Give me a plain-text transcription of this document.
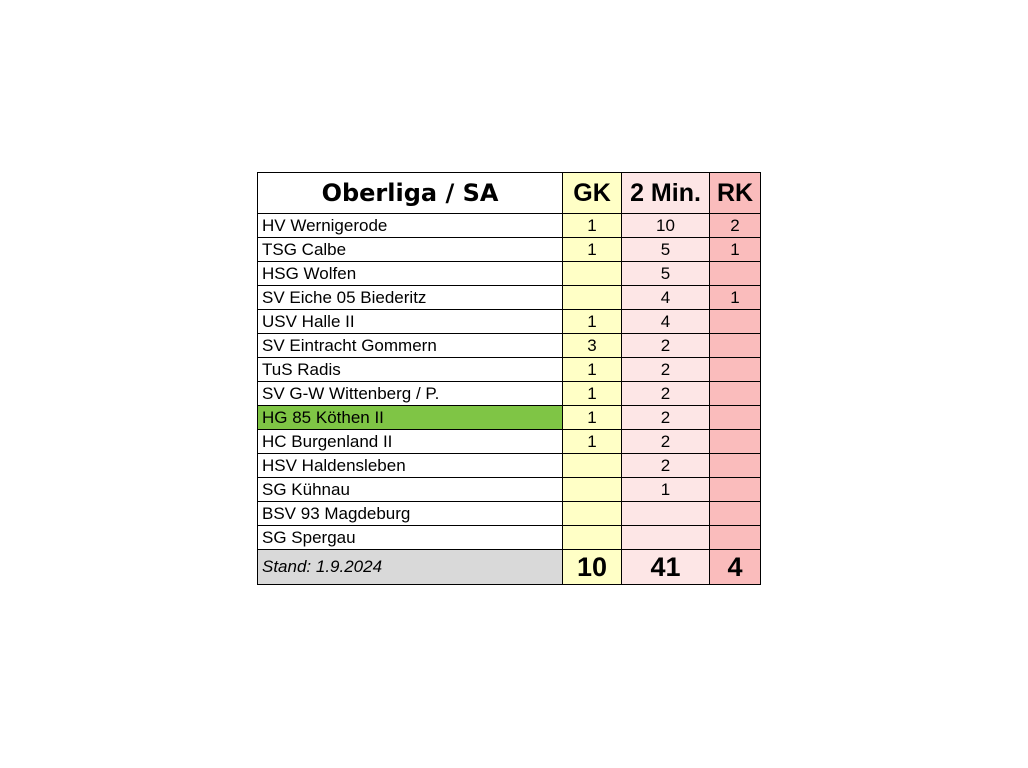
Oberliga / SA	GK	2 Min.	RK
HV Wernigerode	1	10	2
TSG Calbe	1	5	1
HSG Wolfen		5	
SV Eiche 05 Biederitz		4	1
USV Halle II	1	4	
SV Eintracht Gommern	3	2	
TuS Radis	1	2	
SV G-W Wittenberg / P.	1	2	
HG 85 Köthen II	1	2	
HC Burgenland II	1	2	
HSV Haldensleben		2	
SG Kühnau		1	
BSV 93 Magdeburg			
SG Spergau			
Stand: 1.9.2024	10	41	4
